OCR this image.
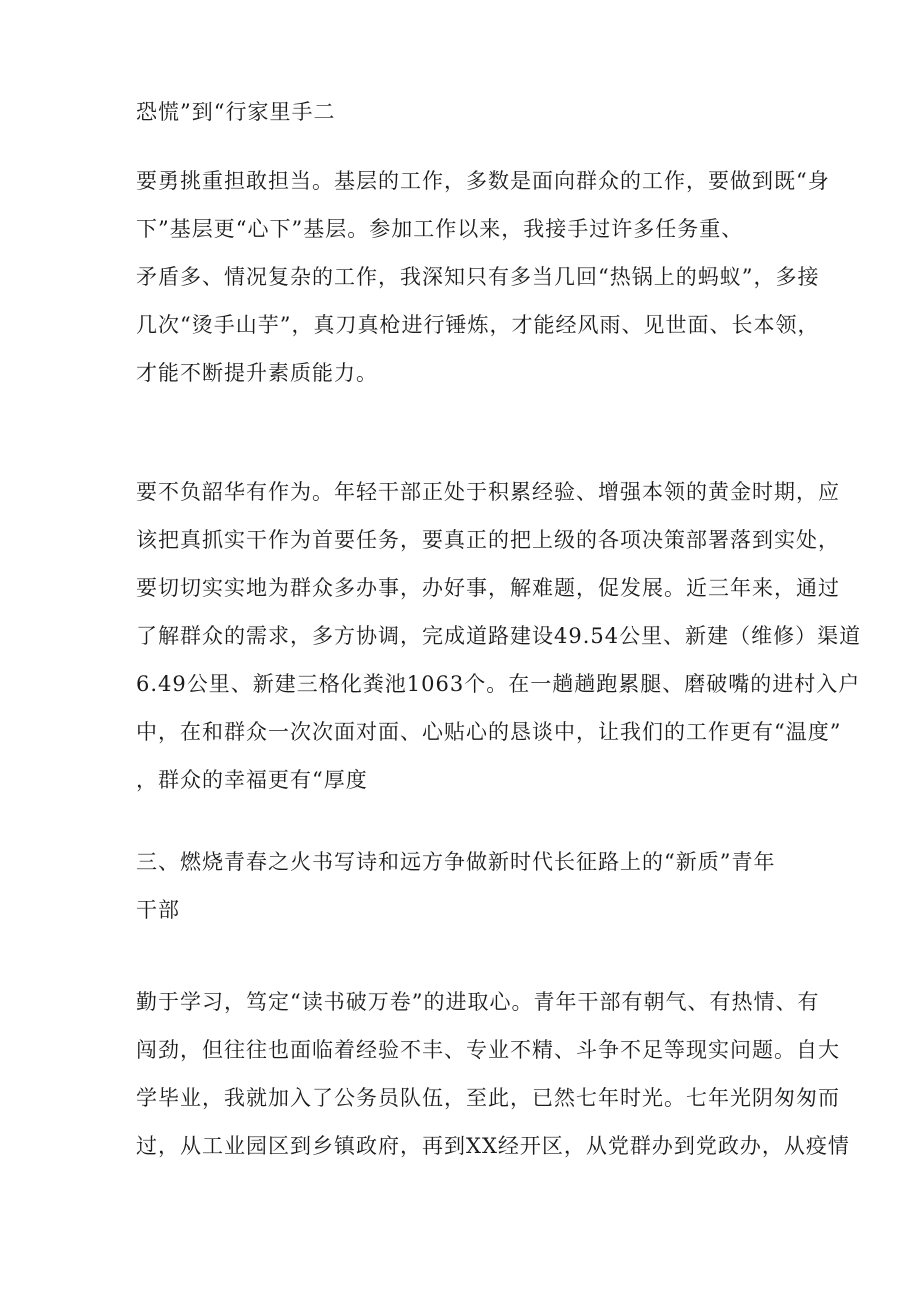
恐慌”到“行家里手二
要勇挑重担敢担当。基层的工作，多数是面向群众的工作，要做到既“身
下”基层更“心下”基层。参加工作以来，我接手过许多任务重、
矛盾多、情况复杂的工作，我深知只有多当几回“热锅上的蚂蚁”，多接
几次“烫手山芋”，真刀真枪进行锤炼，才能经风雨、见世面、长本领，
才能不断提升素质能力。
要不负韶华有作为。年轻干部正处于积累经验、增强本领的黄金时期，应
该把真抓实干作为首要任务，要真正的把上级的各项决策部署落到实处，
要切切实实地为群众多办事，办好事，解难题，促发展。近三年来，通过
了解群众的需求，多方协调，完成道路建设49.54公里、新建（维修）渠道
6.49公里、新建三格化粪池1063个。在一趟趟跑累腿、磨破嘴的进村入户
中，在和群众一次次面对面、心贴心的恳谈中，让我们的工作更有“温度”
，群众的幸福更有“厚度
三、燃烧青春之火书写诗和远方争做新时代长征路上的“新质”青年
干部
勤于学习，笃定“读书破万卷”的进取心。青年干部有朝气、有热情、有
闯劲，但往往也面临着经验不丰、专业不精、斗争不足等现实问题。自大
学毕业，我就加入了公务员队伍，至此，已然七年时光。七年光阴匆匆而
过，从工业园区到乡镇政府，再到XX经开区，从党群办到党政办，从疫情
